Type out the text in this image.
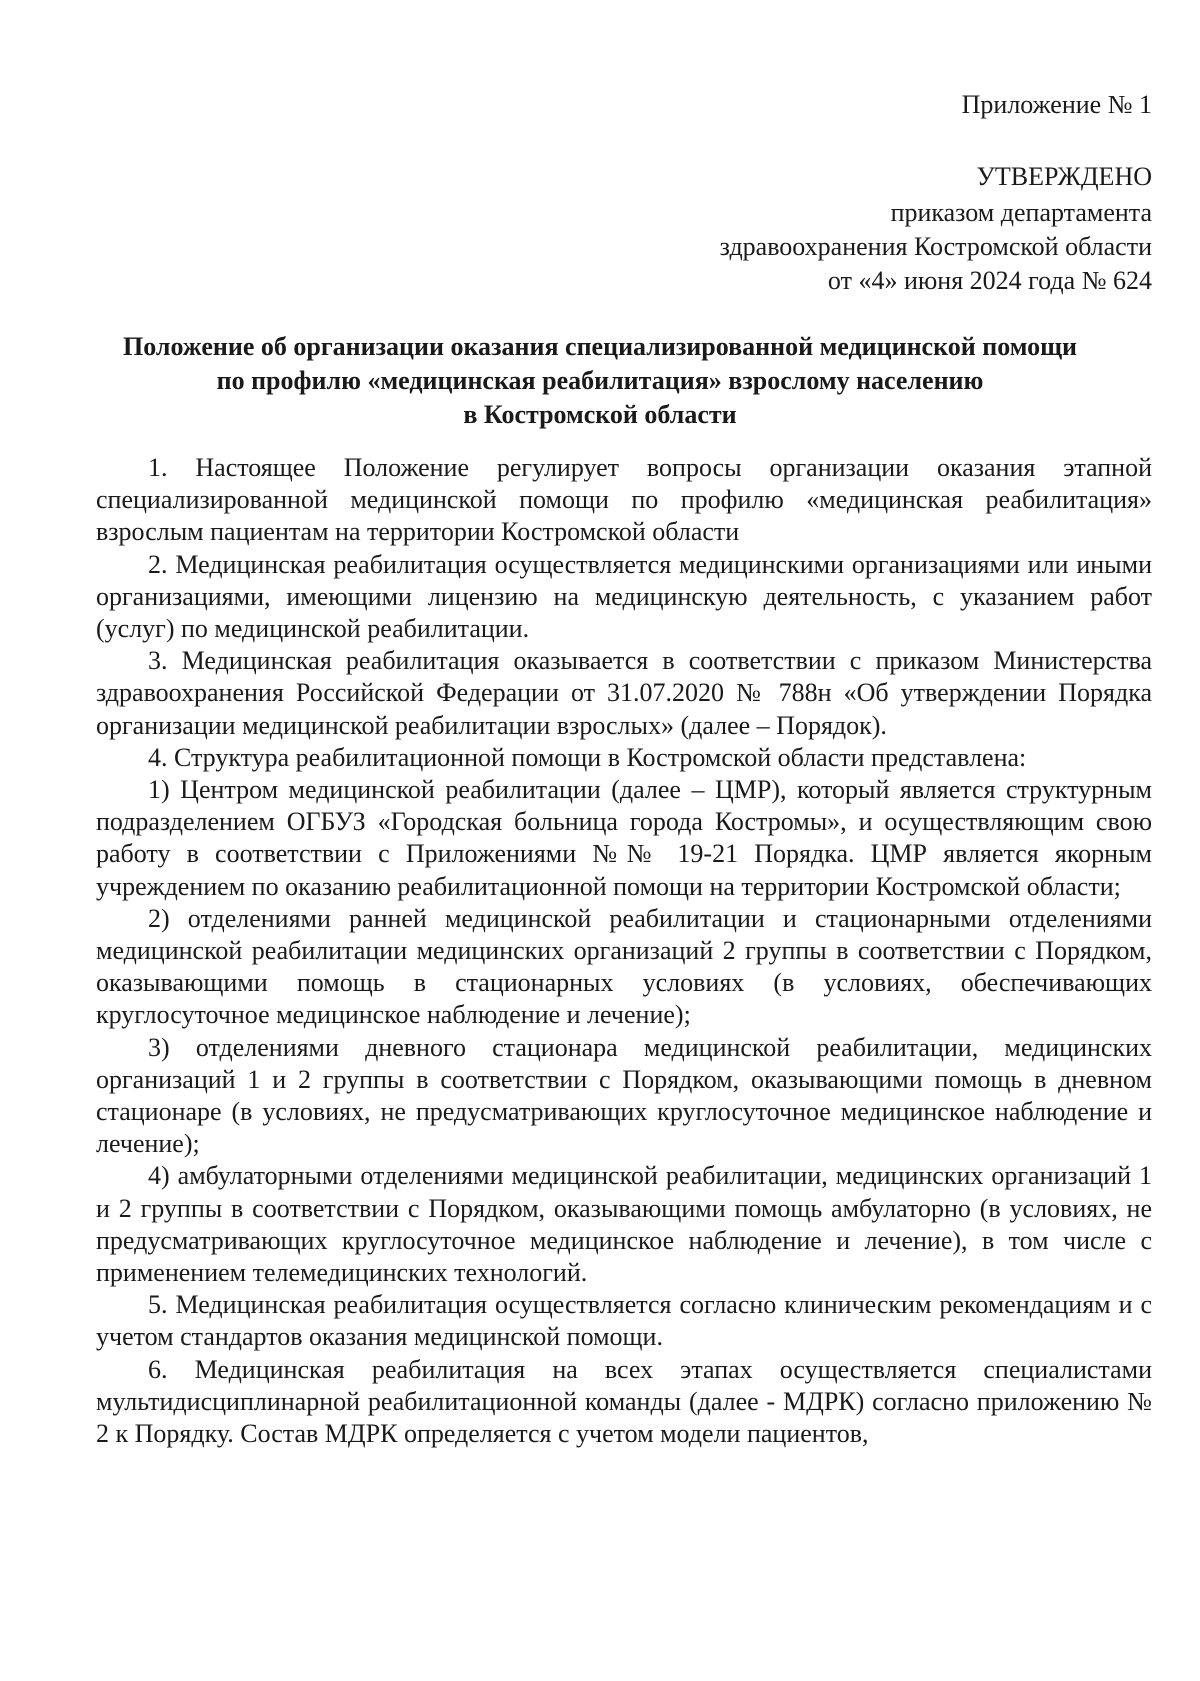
Приложение № 1
УТВЕРЖДЕНО
приказом департамента
здравоохранения Костромской области
от «4» июня 2024 года № 624
Положение об организации оказания специализированной медицинской помощи
по профилю «медицинская реабилитация» взрослому населению
в Костромской области

1. Настоящее Положение регулирует вопросы организации оказания этапной специализированной медицинской помощи по профилю «медицинская реабилитация» взрослым пациентам на территории Костромской области

2. Медицинская реабилитация осуществляется медицинскими организациями или иными организациями, имеющими лицензию на медицинскую деятельность, с указанием работ (услуг) по медицинской реабилитации.

3. Медицинская реабилитация оказывается в соответствии с приказом Министерства здравоохранения Российской Федерации от 31.07.2020 № 788н «Об утверждении Порядка организации медицинской реабилитации взрослых» (далее – Порядок).

4. Структура реабилитационной помощи в Костромской области представлена:

1) Центром медицинской реабилитации (далее – ЦМР), который является структурным подразделением ОГБУЗ «Городская больница города Костромы», и осуществляющим свою работу в соответствии с Приложениями №№ 19-21 Порядка. ЦМР является якорным учреждением по оказанию реабилитационной помощи на территории Костромской области;

2) отделениями ранней медицинской реабилитации и стационарными отделениями медицинской реабилитации медицинских организаций 2 группы в соответствии с Порядком, оказывающими помощь в стационарных условиях (в условиях, обеспечивающих круглосуточное медицинское наблюдение и лечение);

3) отделениями дневного стационара медицинской реабилитации, медицинских организаций 1 и 2 группы в соответствии с Порядком, оказывающими помощь в дневном стационаре (в условиях, не предусматривающих круглосуточное медицинское наблюдение и лечение);

4) амбулаторными отделениями медицинской реабилитации, медицинских организаций 1 и 2 группы в соответствии с Порядком, оказывающими помощь амбулаторно (в условиях, не предусматривающих круглосуточное медицинское наблюдение и лечение), в том числе с применением телемедицинских технологий.

5. Медицинская реабилитация осуществляется согласно клиническим рекомендациям и с учетом стандартов оказания медицинской помощи.

6. Медицинская реабилитация на всех этапах осуществляется специалистами мультидисциплинарной реабилитационной команды (далее - МДРК) согласно приложению № 2 к Порядку. Состав МДРК определяется с учетом модели пациентов,
